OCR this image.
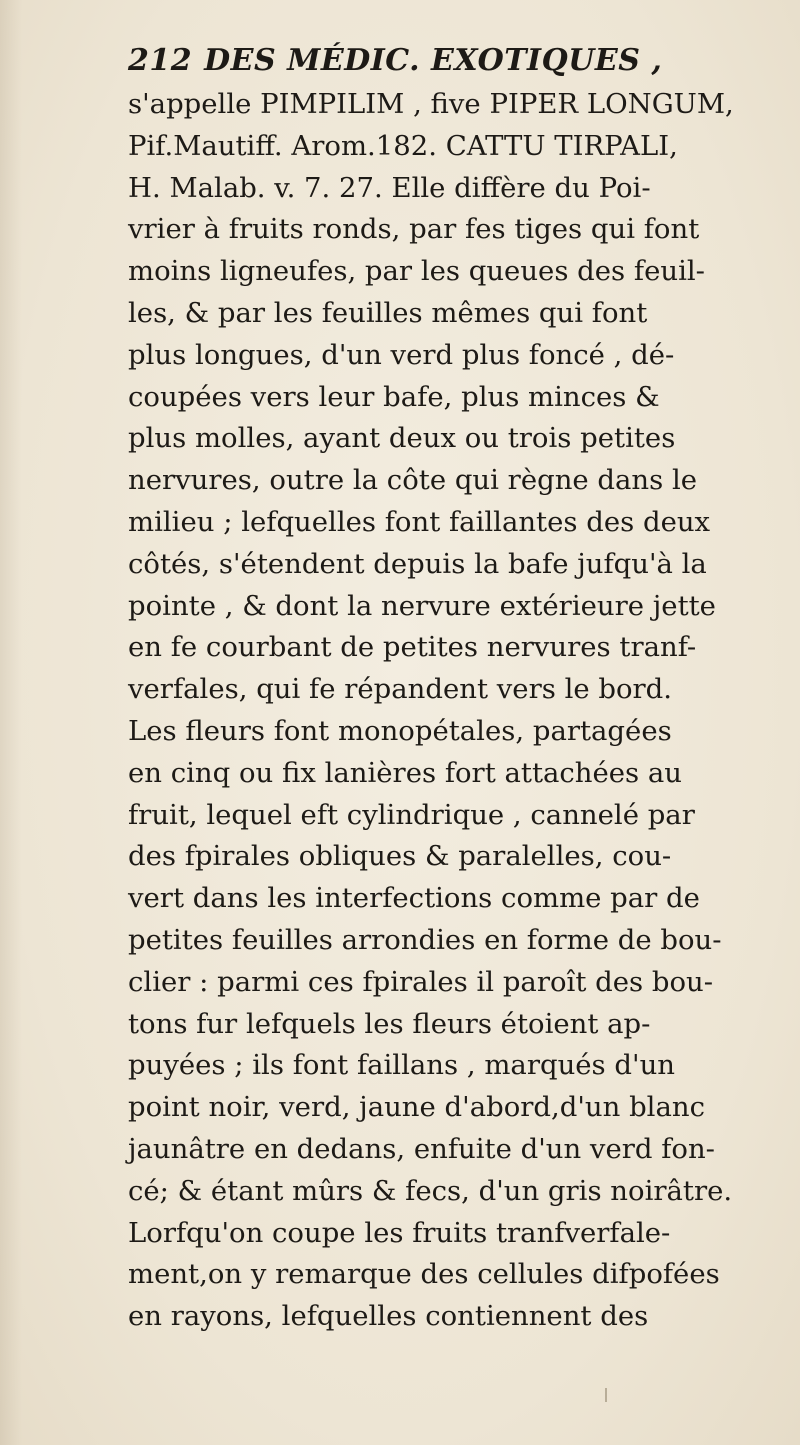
212 DES MÉDIC. EXOTIQUES ,
s'appelle PIMPILIM , five PIPER LONGUM,
Pif.Mautiff. Arom.182. CATTU TIRPALI,
H. Malab. v. 7. 27. Elle diffère du Poi-
vrier à fruits ronds, par fes tiges qui font
moins ligneufes, par les queues des feuil-
les, & par les feuilles mêmes qui font
plus longues, d'un verd plus foncé , dé-
coupées vers leur bafe, plus minces &
plus molles, ayant deux ou trois petites
nervures, outre la côte qui règne dans le
milieu ; lefquelles font faillantes des deux
côtés, s'étendent depuis la bafe jufqu'à la
pointe , & dont la nervure extérieure jette
en fe courbant de petites nervures tranf-
verfales, qui fe répandent vers le bord.
Les fleurs font monopétales, partagées
en cinq ou fix lanières fort attachées au
fruit, lequel eft cylindrique , cannelé par
des fpirales obliques & paralelles, cou-
vert dans les interfections comme par de
petites feuilles arrondies en forme de bou-
clier : parmi ces fpirales il paroît des bou-
tons fur lefquels les fleurs étoient ap-
puyées ; ils font faillans , marqués d'un
point noir, verd, jaune d'abord,d'un blanc
jaunâtre en dedans, enfuite d'un verd fon-
cé; & étant mûrs & fecs, d'un gris noirâtre.
Lorfqu'on coupe les fruits tranfverfale-
ment,on y remarque des cellules difpofées
en rayons, lefquelles contiennent des
